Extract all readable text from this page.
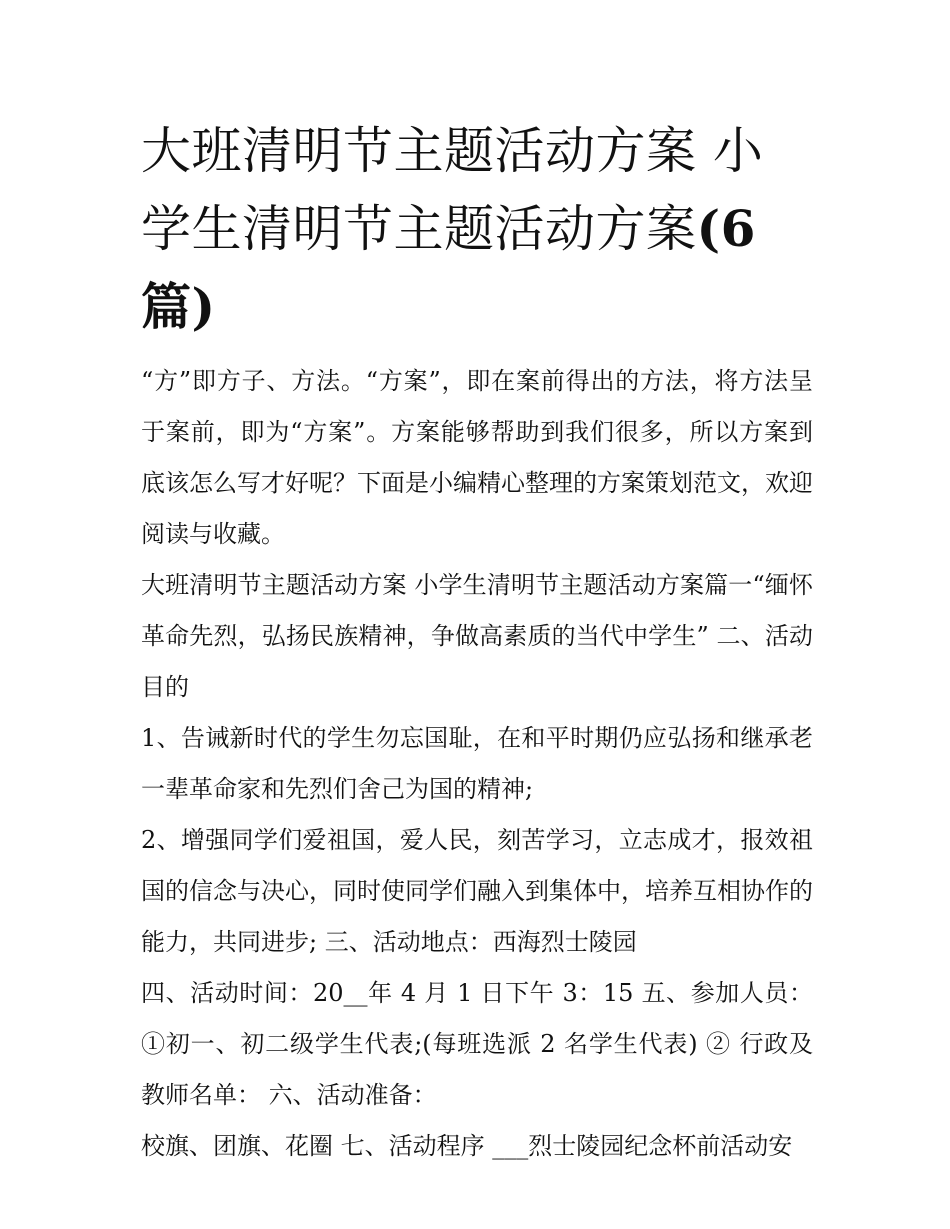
大班清明节主题活动方案 小学生清明节主题活动方案(6 篇)

“方”即方子、方法。“方案”，即在案前得出的方法，将方法呈于案前，即为“方案”。方案能够帮助到我们很多，所以方案到底该怎么写才好呢？下面是小编精心整理的方案策划范文，欢迎阅读与收藏。

大班清明节主题活动方案 小学生清明节主题活动方案篇一“缅怀革命先烈，弘扬民族精神，争做高素质的当代中学生” 二、活动目的

1、告诫新时代的学生勿忘国耻，在和平时期仍应弘扬和继承老一辈革命家和先烈们舍己为国的精神;

2、增强同学们爱祖国，爱人民，刻苦学习，立志成才，报效祖国的信念与决心，同时使同学们融入到集体中，培养互相协作的能力，共同进步; 三、活动地点：西海烈士陵园

四、活动时间：20__年 4 月 1 日下午 3：15 五、参加人员： ①初一、初二级学生代表;(每班选派 2 名学生代表) ② 行政及教师名单： 六、活动准备：

校旗、团旗、花圈 七、活动程序 ___烈士陵园纪念杯前活动安
